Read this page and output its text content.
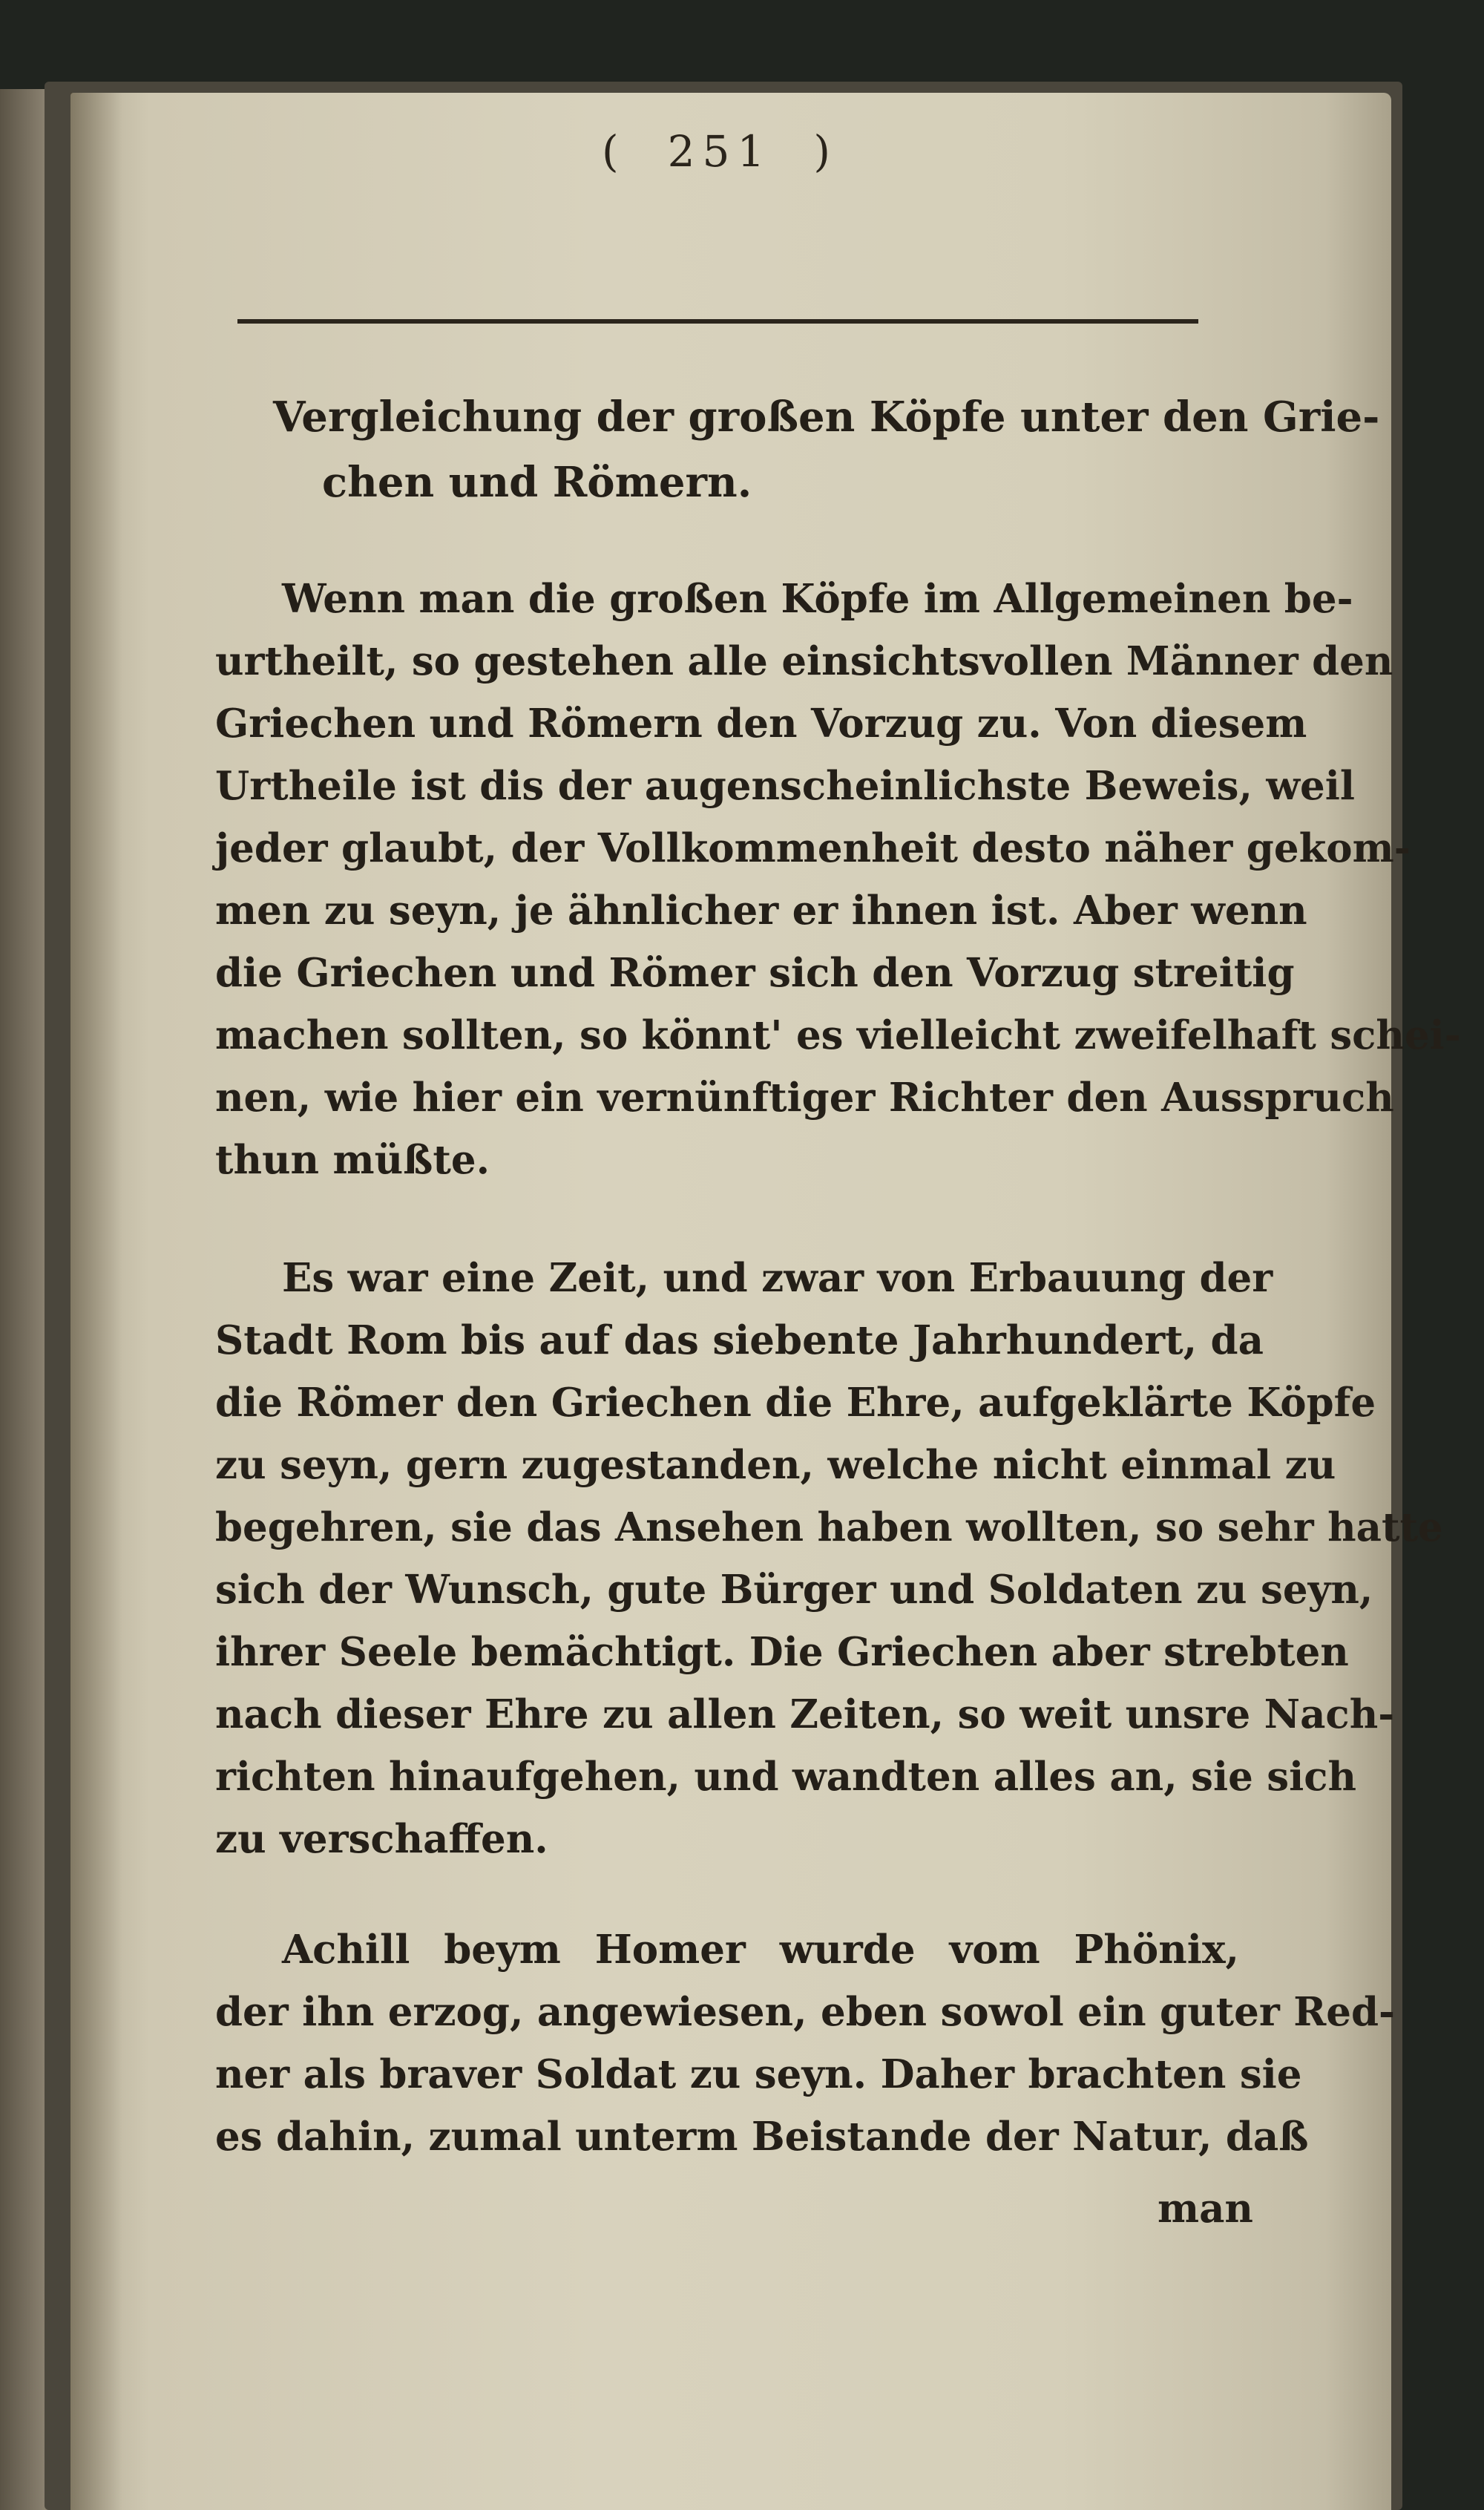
( 251 )
Vergleichung der großen Köpfe unter den Grie-
chen und Römern.
Wenn man die großen Köpfe im Allgemeinen be-
urtheilt, so gestehen alle einsichtsvollen Männer den
Griechen und Römern den Vorzug zu. Von diesem
Urtheile ist dis der augenscheinlichste Beweis, weil
jeder glaubt, der Vollkommenheit desto näher gekom-
men zu seyn, je ähnlicher er ihnen ist. Aber wenn
die Griechen und Römer sich den Vorzug streitig
machen sollten, so könnt' es vielleicht zweifelhaft schei-
nen, wie hier ein vernünftiger Richter den Ausspruch
thun müßte.
Es war eine Zeit, und zwar von Erbauung der
Stadt Rom bis auf das siebente Jahrhundert, da
die Römer den Griechen die Ehre, aufgeklärte Köpfe
zu seyn, gern zugestanden, welche nicht einmal zu
begehren, sie das Ansehen haben wollten, so sehr hatte
sich der Wunsch, gute Bürger und Soldaten zu seyn,
ihrer Seele bemächtigt. Die Griechen aber strebten
nach dieser Ehre zu allen Zeiten, so weit unsre Nach-
richten hinaufgehen, und wandten alles an, sie sich
zu verschaffen.
Achill beym Homer wurde vom Phönix,
der ihn erzog, angewiesen, eben sowol ein guter Red-
ner als braver Soldat zu seyn. Daher brachten sie
es dahin, zumal unterm Beistande der Natur, daß
man
